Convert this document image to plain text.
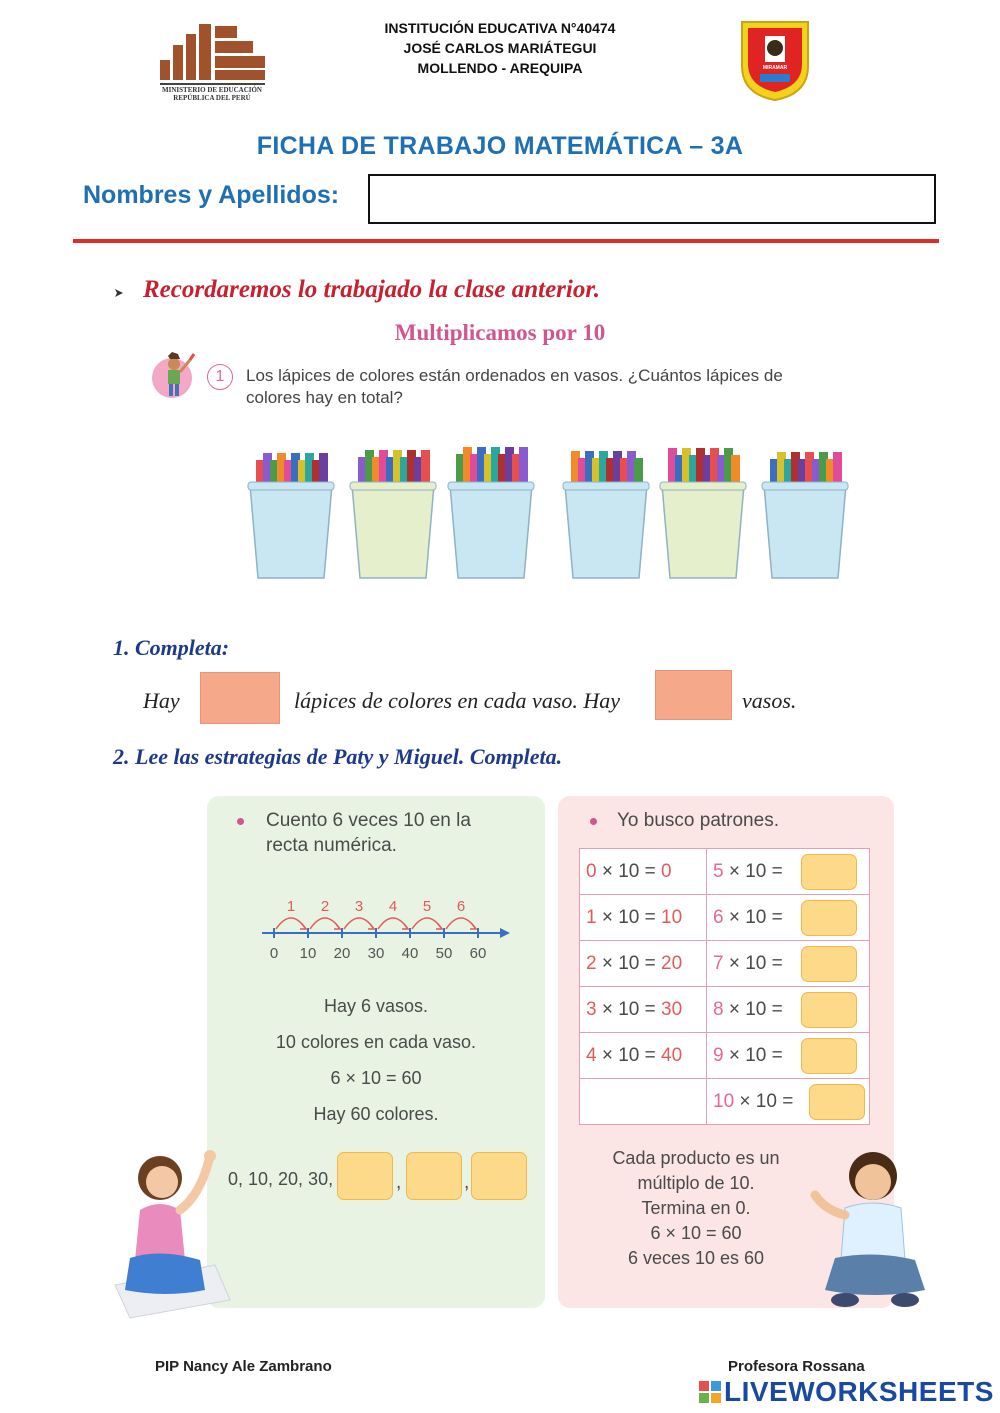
MINISTERIO DE EDUCACIÓN
REPÚBLICA DEL PERÚ
INSTITUCIÓN EDUCATIVA N°40474
JOSÉ CARLOS MARIÁTEGUI
MOLLENDO - AREQUIPA	MIRAMAR
FICHA DE TRABAJO MATEMÁTICA – 3A
Nombres y Apellidos:
Recordaremos lo trabajado la clase anterior.
Multiplicamos por 10
1	Los lápices de colores están ordenados en vasos. ¿Cuántos lápices de colores hay en total?
1. Completa:
Hay	lápices de colores en cada vaso. Hay	vasos.
2. Lee las estrategias de Paty y Miguel. Completa.
Cuento 6 veces 10 en la recta numérica.
0 10 20 30 40 50 60
1 2 3 4 5 6
Hay 6 vasos.
10 colores en cada vaso.
6 × 10 = 60
Hay 60 colores.
0, 10, 20, 30,	,	,
Yo busco patrones.
0 × 10 = 0	5 × 10 =

1 × 10 = 10	6 × 10 =

2 × 10 = 20	7 × 10 =

3 × 10 = 30	8 × 10 =

4 × 10 = 40	9 × 10 =

	10 × 10 =
Cada producto es un
múltiplo de 10.
Termina en 0.
6 × 10 = 60
6 veces 10 es 60
PIP Nancy Ale Zambrano	Profesora Rossana
LIVEWORKSHEETS
